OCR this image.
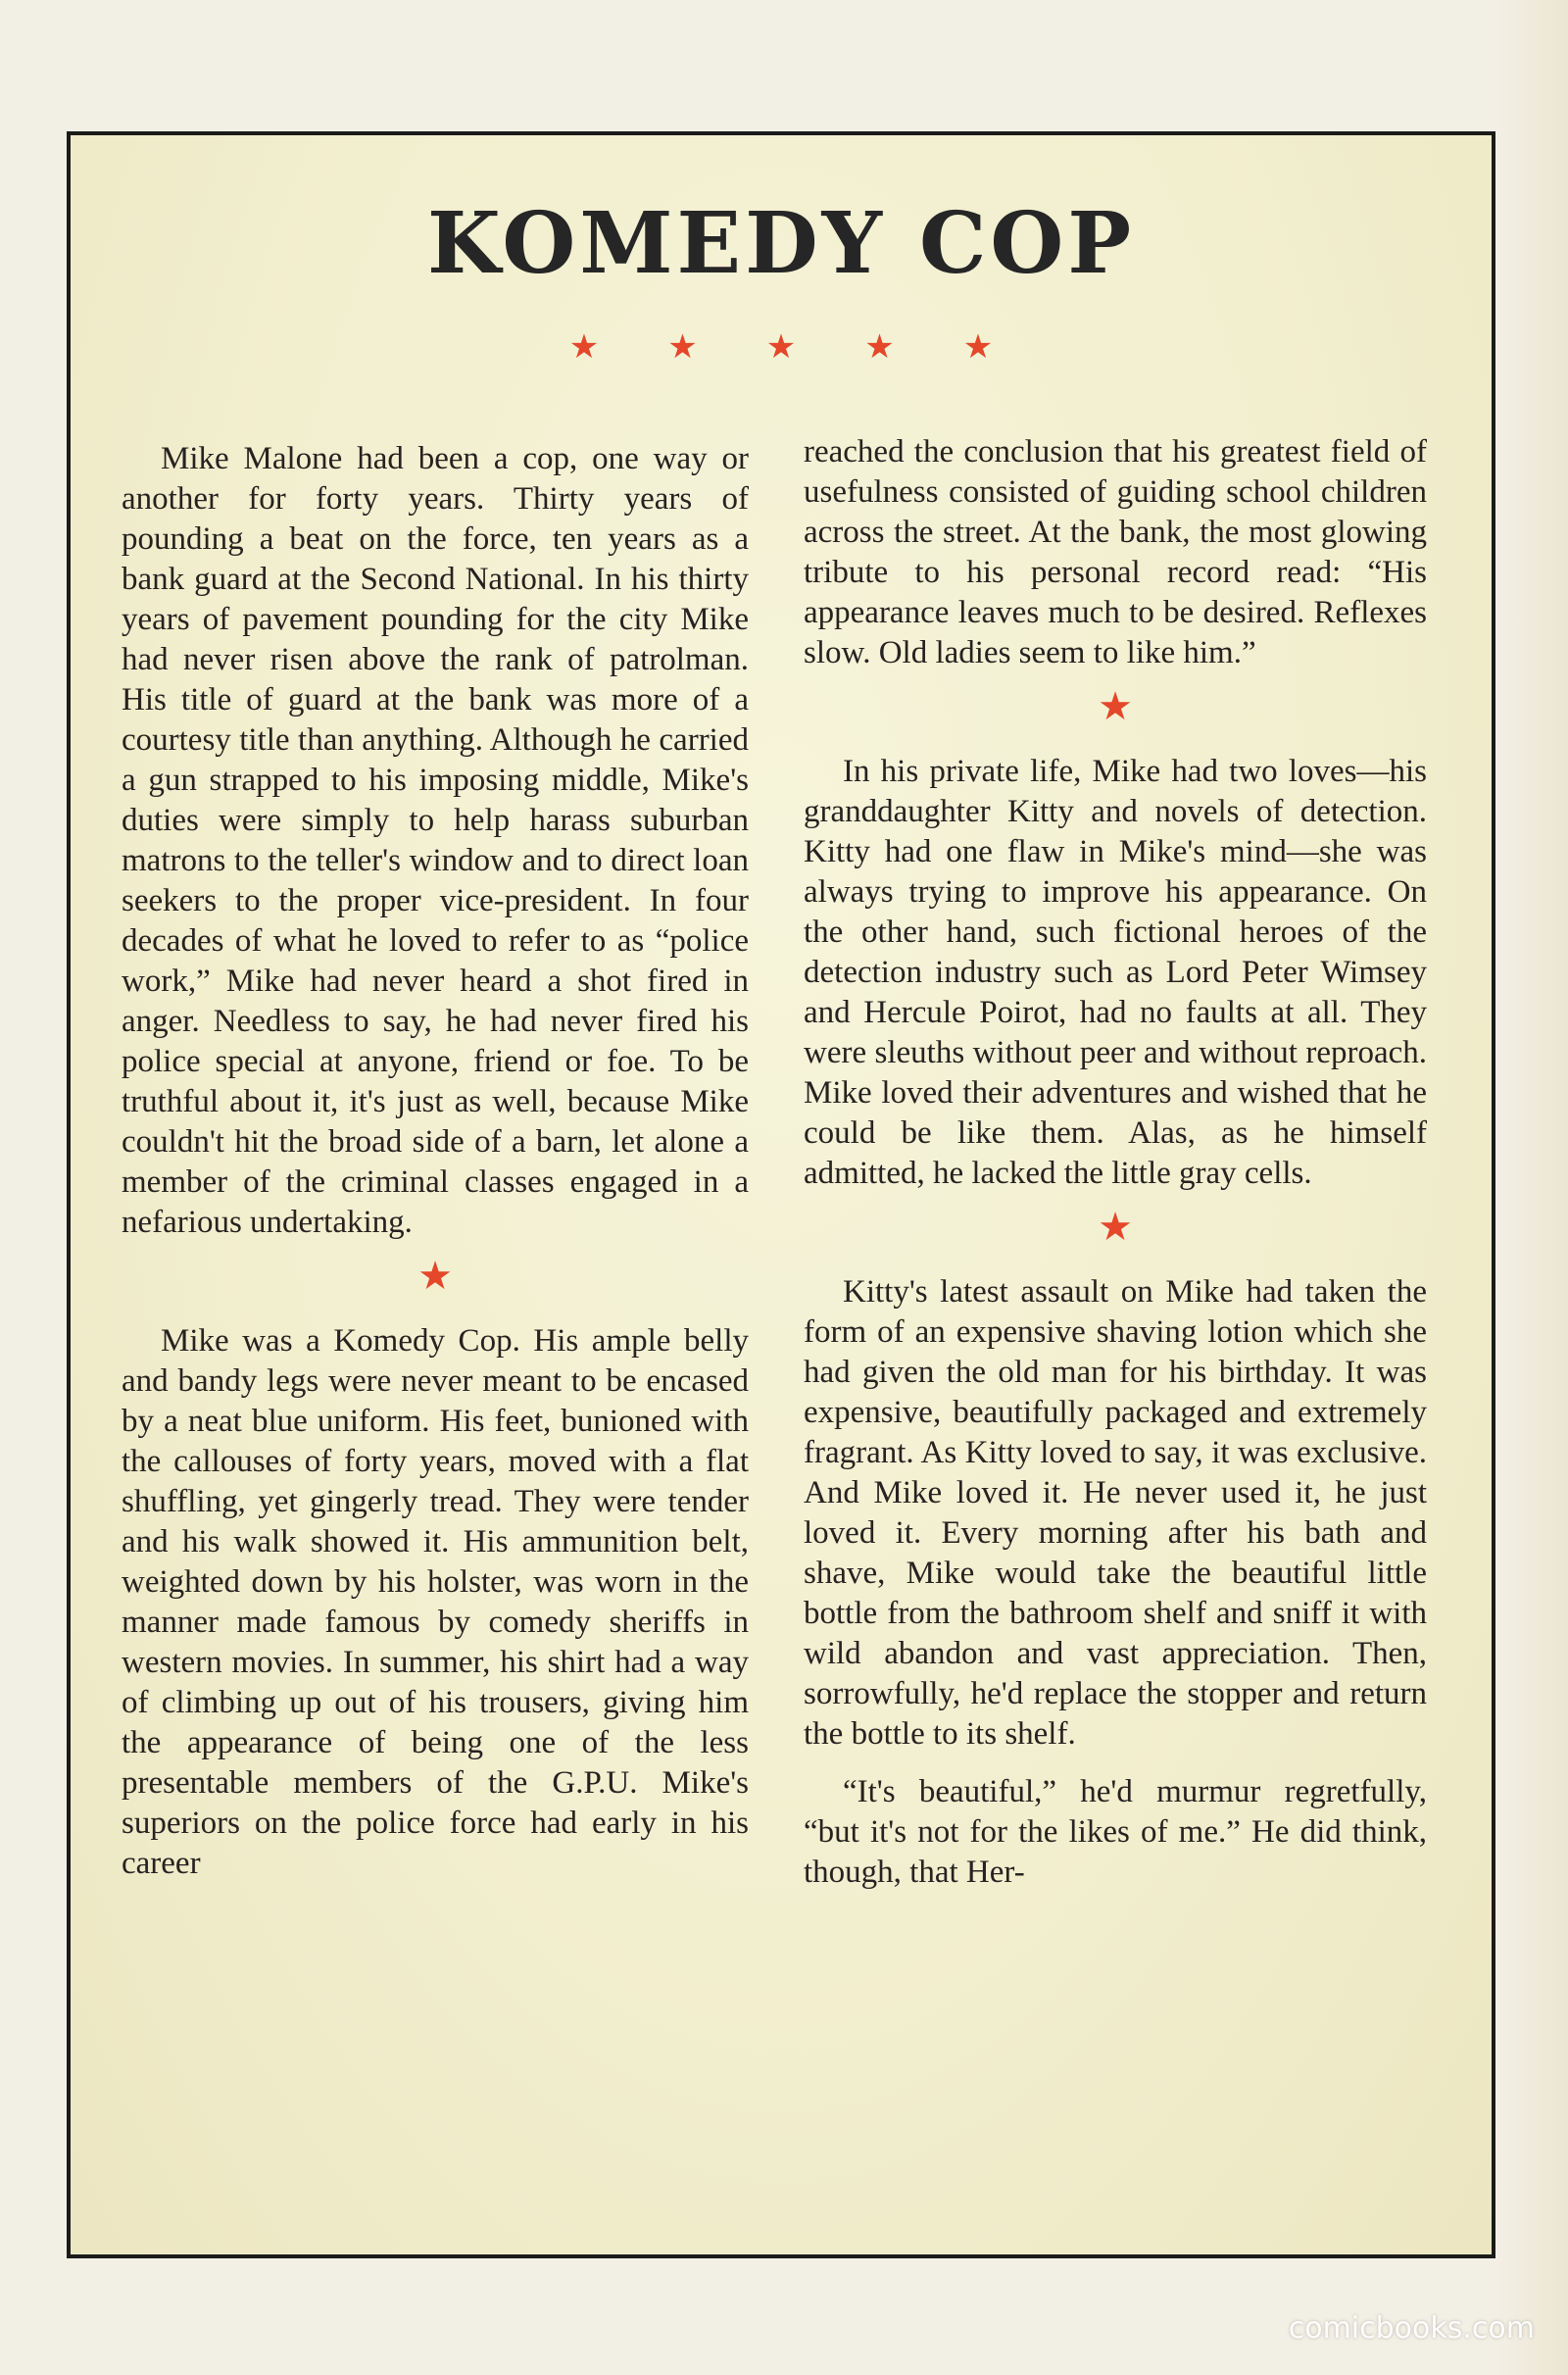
KOMEDY COP
★ ★ ★ ★ ★

Mike Malone had been a cop, one way or another for forty years. Thirty years of pounding a beat on the force, ten years as a bank guard at the Second National. In his thirty years of pavement pounding for the city Mike had never risen above the rank of patrolman. His title of guard at the bank was more of a courtesy title than anything. Although he carried a gun strapped to his imposing middle, Mike's duties were simply to help harass suburban matrons to the teller's window and to direct loan seekers to the proper vice-president. In four decades of what he loved to refer to as “police work,” Mike had never heard a shot fired in anger. Needless to say, he had never fired his police special at anyone, friend or foe. To be truthful about it, it's just as well, because Mike couldn't hit the broad side of a barn, let alone a member of the criminal classes engaged in a nefarious undertaking.

★

Mike was a Komedy Cop. His ample belly and bandy legs were never meant to be encased by a neat blue uniform. His feet, bunioned with the callouses of forty years, moved with a flat shuffling, yet gingerly tread. They were tender and his walk showed it. His ammunition belt, weighted down by his holster, was worn in the manner made famous by comedy sheriffs in western movies. In summer, his shirt had a way of climbing up out of his trousers, giving him the appearance of being one of the less presentable members of the G.P.U. Mike's superiors on the police force had early in his career

reached the conclusion that his greatest field of usefulness consisted of guiding school children across the street. At the bank, the most glowing tribute to his personal record read: “His appearance leaves much to be desired. Reflexes slow. Old ladies seem to like him.”

★

In his private life, Mike had two loves—his granddaughter Kitty and novels of detection. Kitty had one flaw in Mike's mind—she was always trying to improve his appearance. On the other hand, such fictional heroes of the detection industry such as Lord Peter Wimsey and Hercule Poirot, had no faults at all. They were sleuths without peer and without reproach. Mike loved their adventures and wished that he could be like them. Alas, as he himself admitted, he lacked the little gray cells.

★

Kitty's latest assault on Mike had taken the form of an expensive shaving lotion which she had given the old man for his birthday. It was expensive, beautifully packaged and extremely fragrant. As Kitty loved to say, it was exclusive. And Mike loved it. He never used it, he just loved it. Every morning after his bath and shave, Mike would take the beautiful little bottle from the bathroom shelf and sniff it with wild abandon and vast appreciation. Then, sorrowfully, he'd replace the stopper and return the bottle to its shelf.

“It's beautiful,” he'd murmur regretfully, “but it's not for the likes of me.” He did think, though, that Her-

comicbooks.com
